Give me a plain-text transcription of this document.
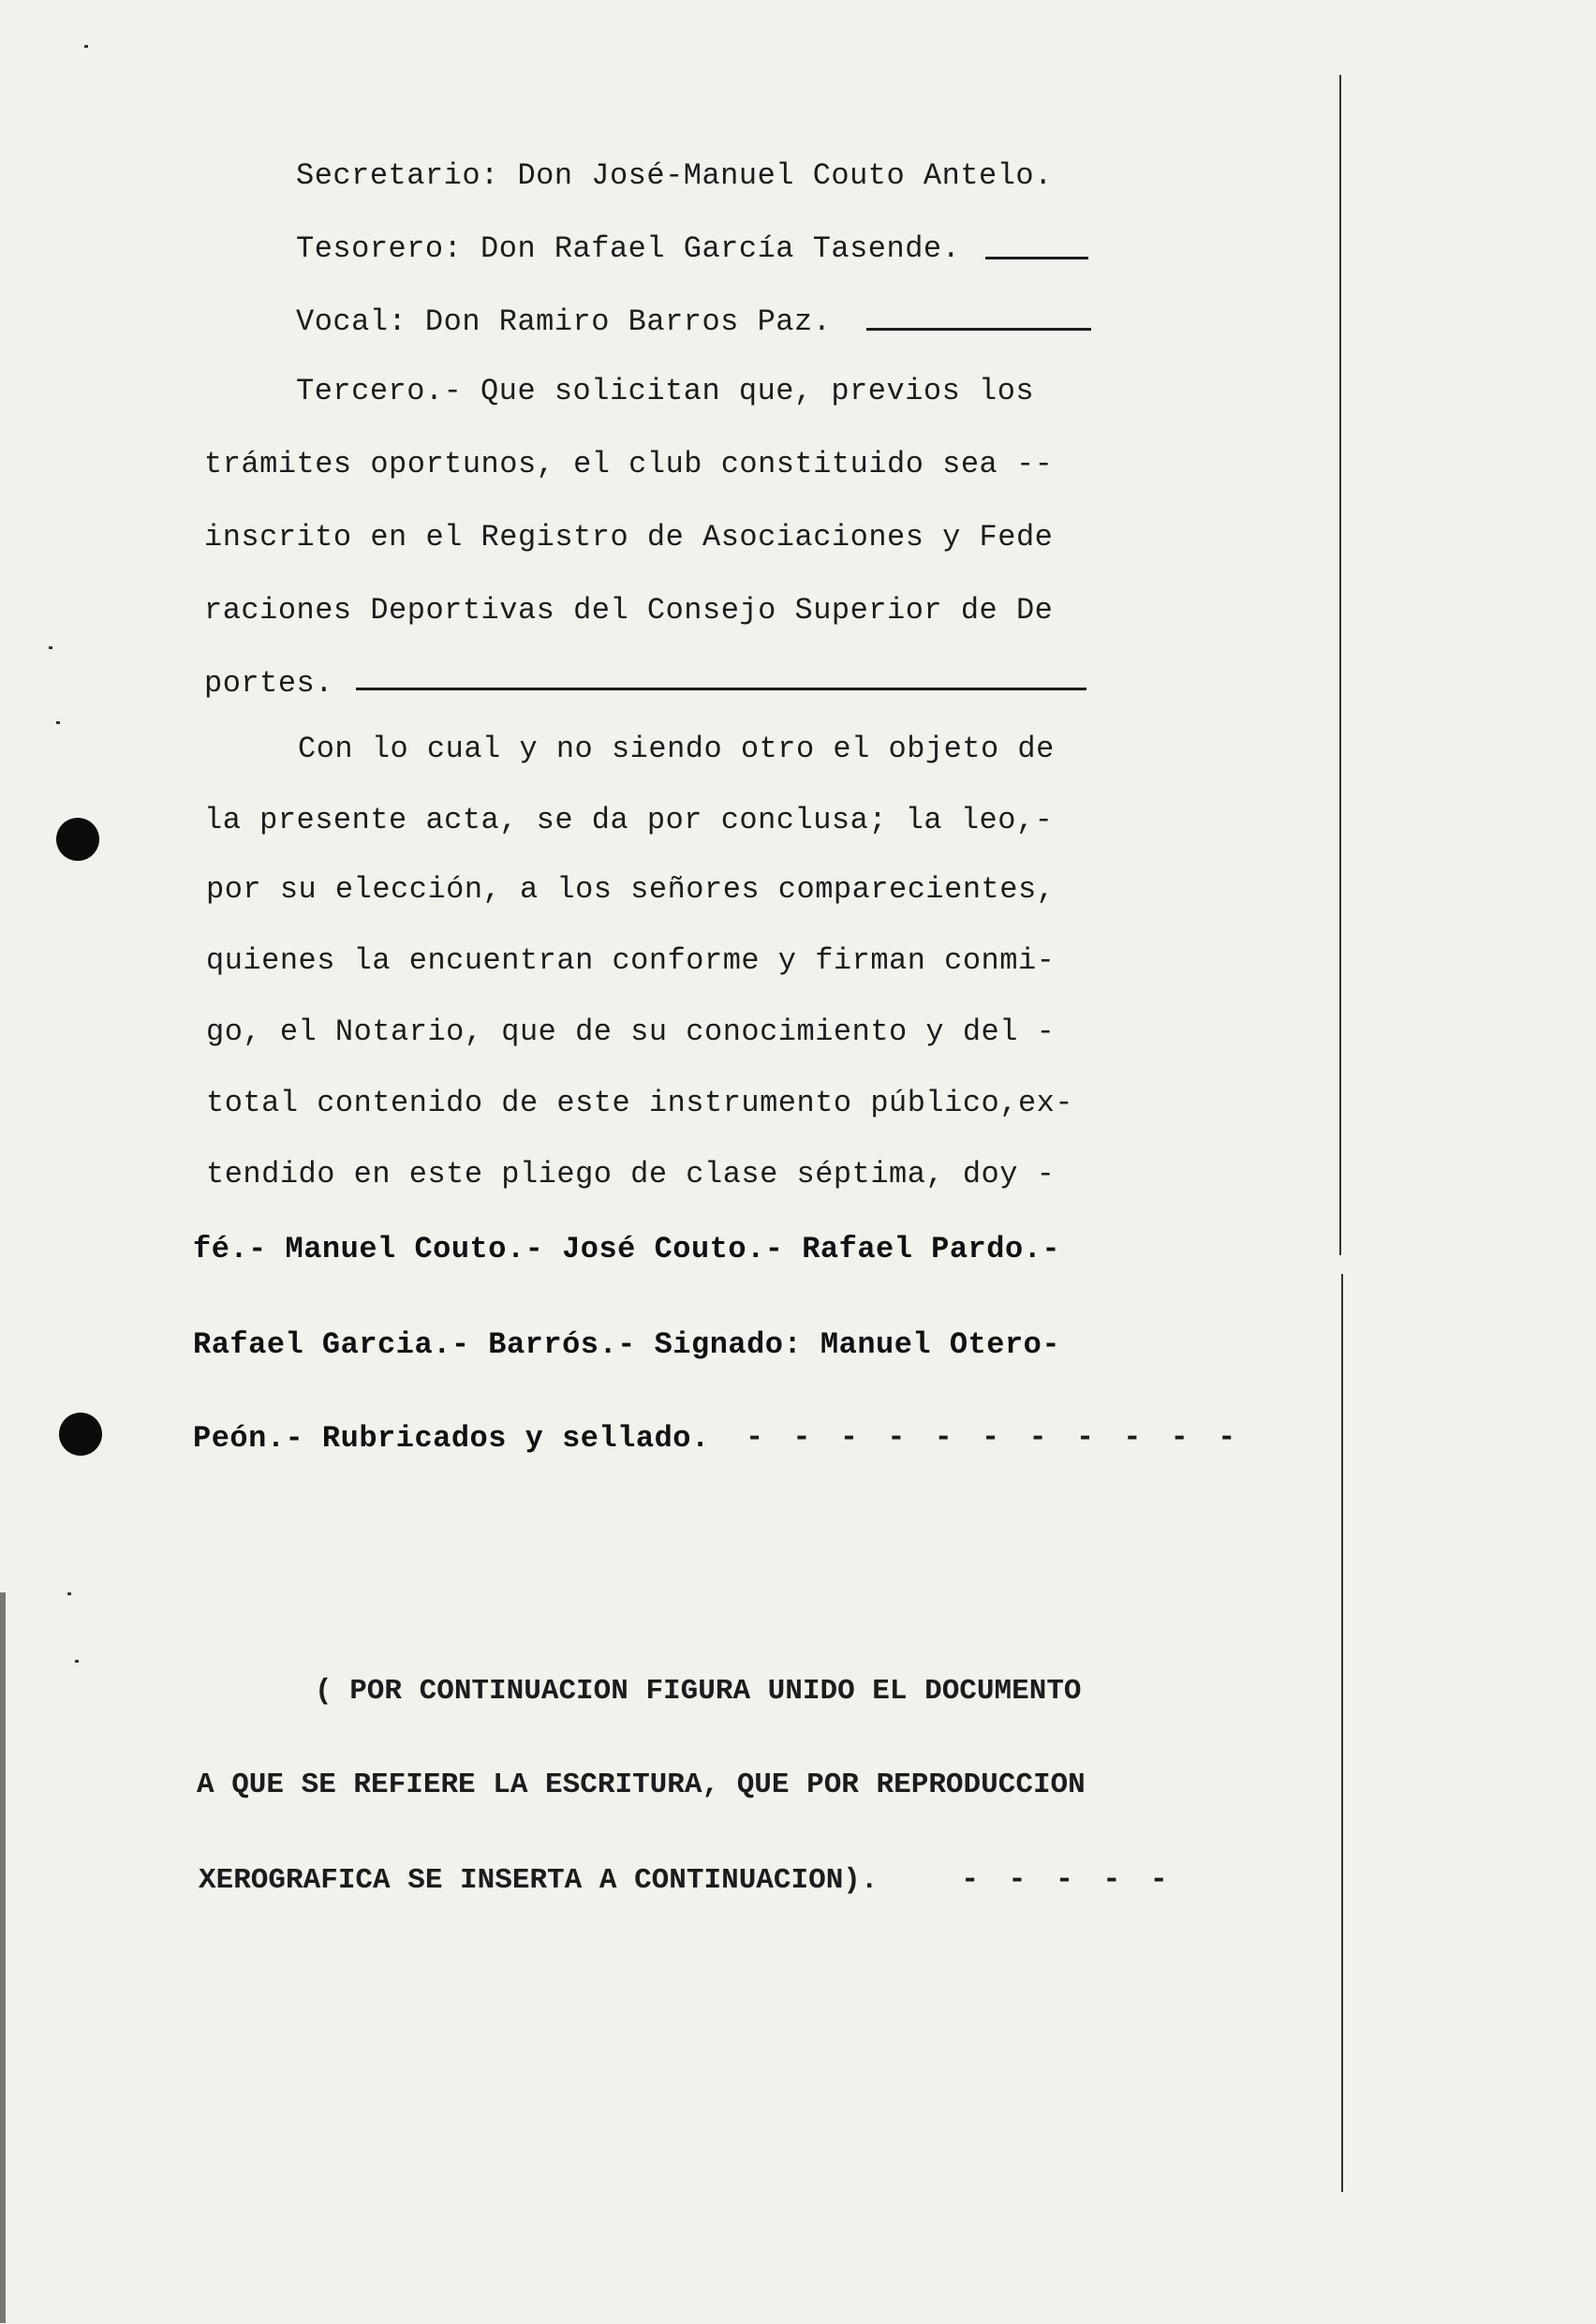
Secretario: Don José-Manuel Couto Antelo.
Tesorero: Don Rafael García Tasende.
Vocal: Don Ramiro Barros Paz.
Tercero.- Que solicitan que, previos los
trámites oportunos, el club constituido sea --
inscrito en el Registro de Asociaciones y Fede
raciones Deportivas del Consejo Superior de De
portes.
Con lo cual y no siendo otro el objeto de
la presente acta, se da por conclusa; la leo,-
por su elección, a los señores comparecientes,
quienes la encuentran conforme y firman conmi-
go, el Notario, que de su conocimiento y del -
total contenido de este instrumento público,ex-
tendido en este pliego de clase séptima, doy -
fé.- Manuel Couto.- José Couto.- Rafael Pardo.-
Rafael Garcia.- Barrós.- Signado: Manuel Otero-
Peón.- Rubricados y sellado. - - - - - - - - - - -
( POR CONTINUACION FIGURA UNIDO EL DOCUMENTO
A QUE SE REFIERE LA ESCRITURA, QUE POR REPRODUCCION
XEROGRAFICA SE INSERTA A CONTINUACION).	- - - - -
